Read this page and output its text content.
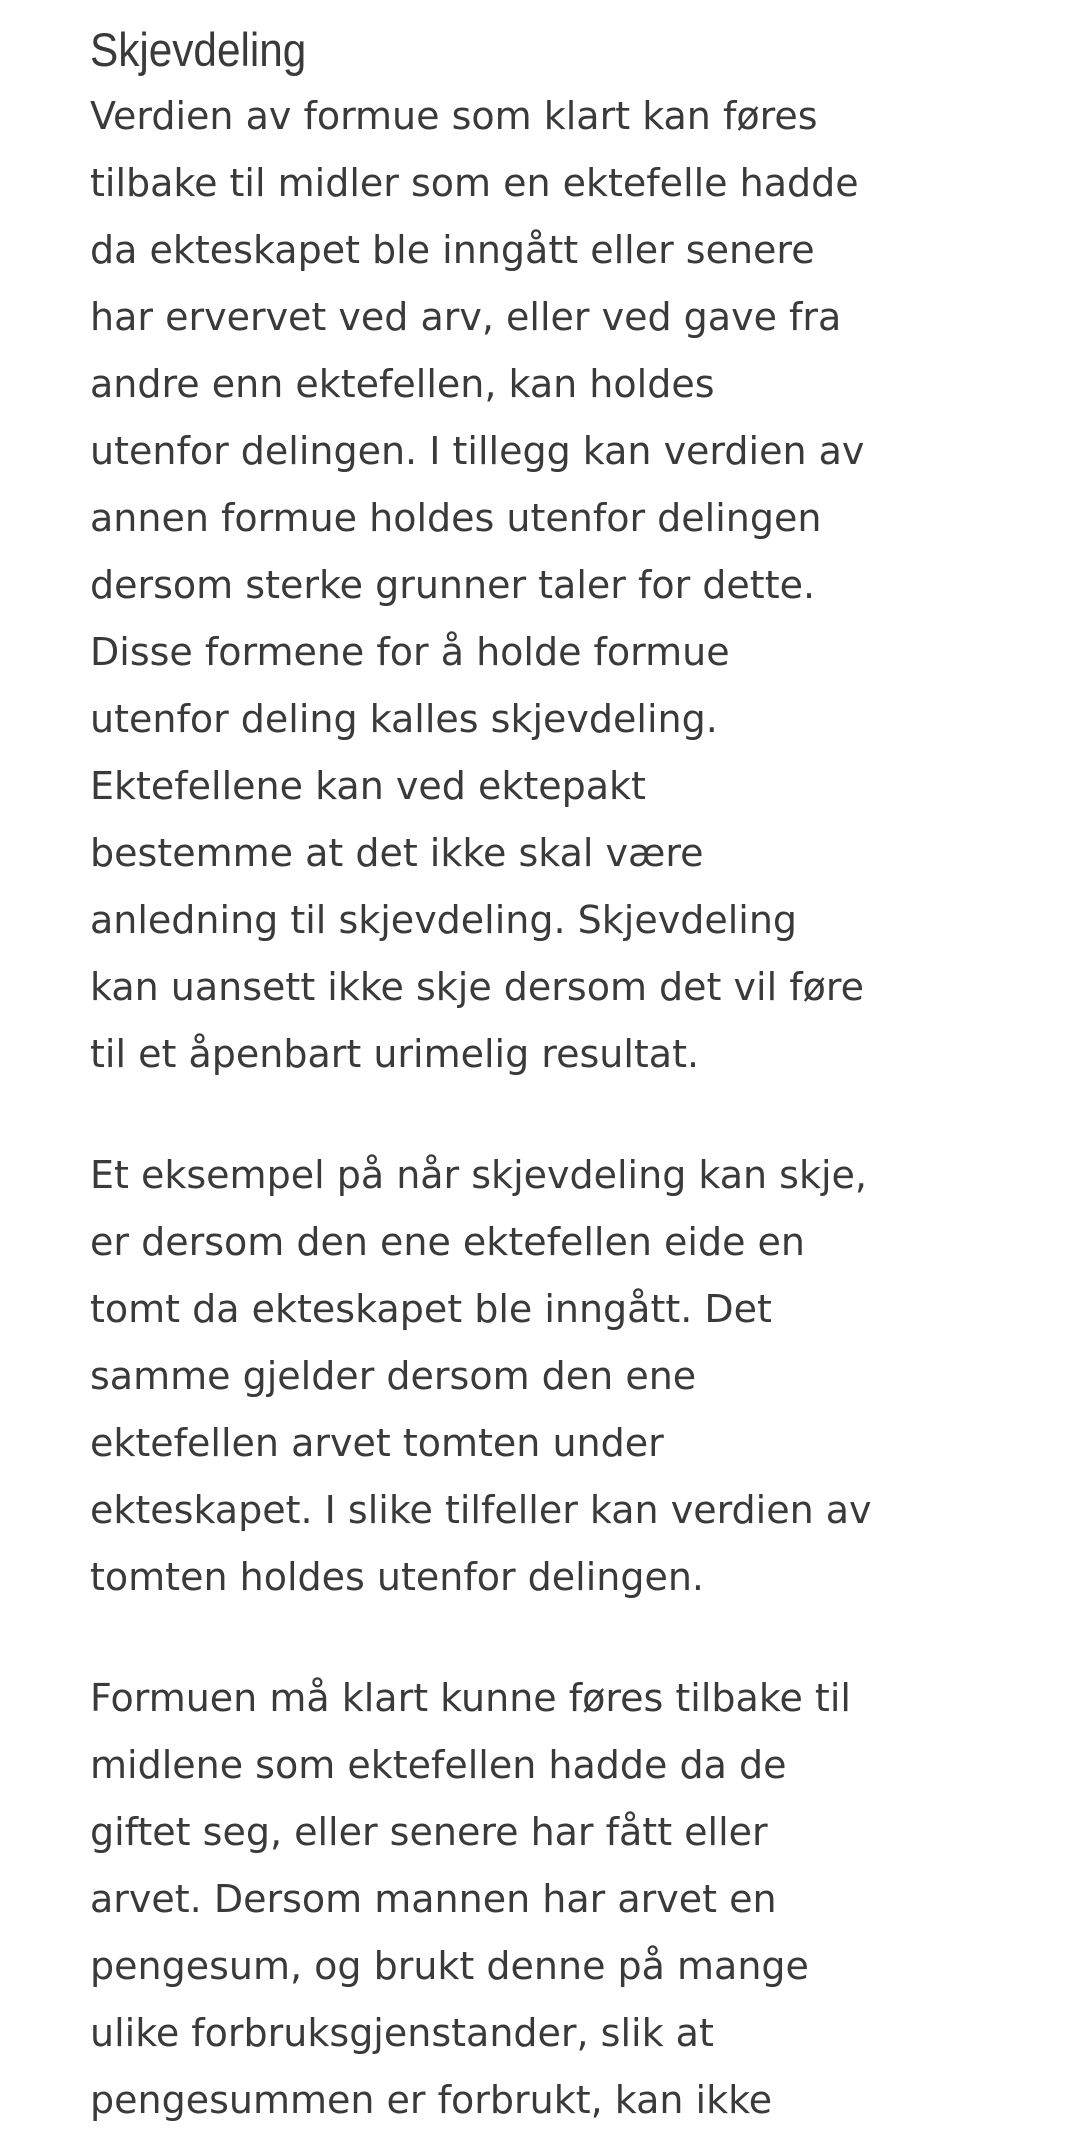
Skjevdeling

Verdien av formue som klart kan føres
tilbake til midler som en ektefelle hadde
da ekteskapet ble inngått eller senere
har ervervet ved arv, eller ved gave fra
andre enn ektefellen, kan holdes
utenfor delingen. I tillegg kan verdien av
annen formue holdes utenfor delingen
dersom sterke grunner taler for dette.
Disse formene for å holde formue
utenfor deling kalles skjevdeling.
Ektefellene kan ved ektepakt
bestemme at det ikke skal være
anledning til skjevdeling. Skjevdeling
kan uansett ikke skje dersom det vil føre
til et åpenbart urimelig resultat.

Et eksempel på når skjevdeling kan skje,
er dersom den ene ektefellen eide en
tomt da ekteskapet ble inngått. Det
samme gjelder dersom den ene
ektefellen arvet tomten under
ekteskapet. I slike tilfeller kan verdien av
tomten holdes utenfor delingen.

Formuen må klart kunne føres tilbake til
midlene som ektefellen hadde da de
giftet seg, eller senere har fått eller
arvet. Dersom mannen har arvet en
pengesum, og brukt denne på mange
ulike forbruksgjenstander, slik at
pengesummen er forbrukt, kan ikke
